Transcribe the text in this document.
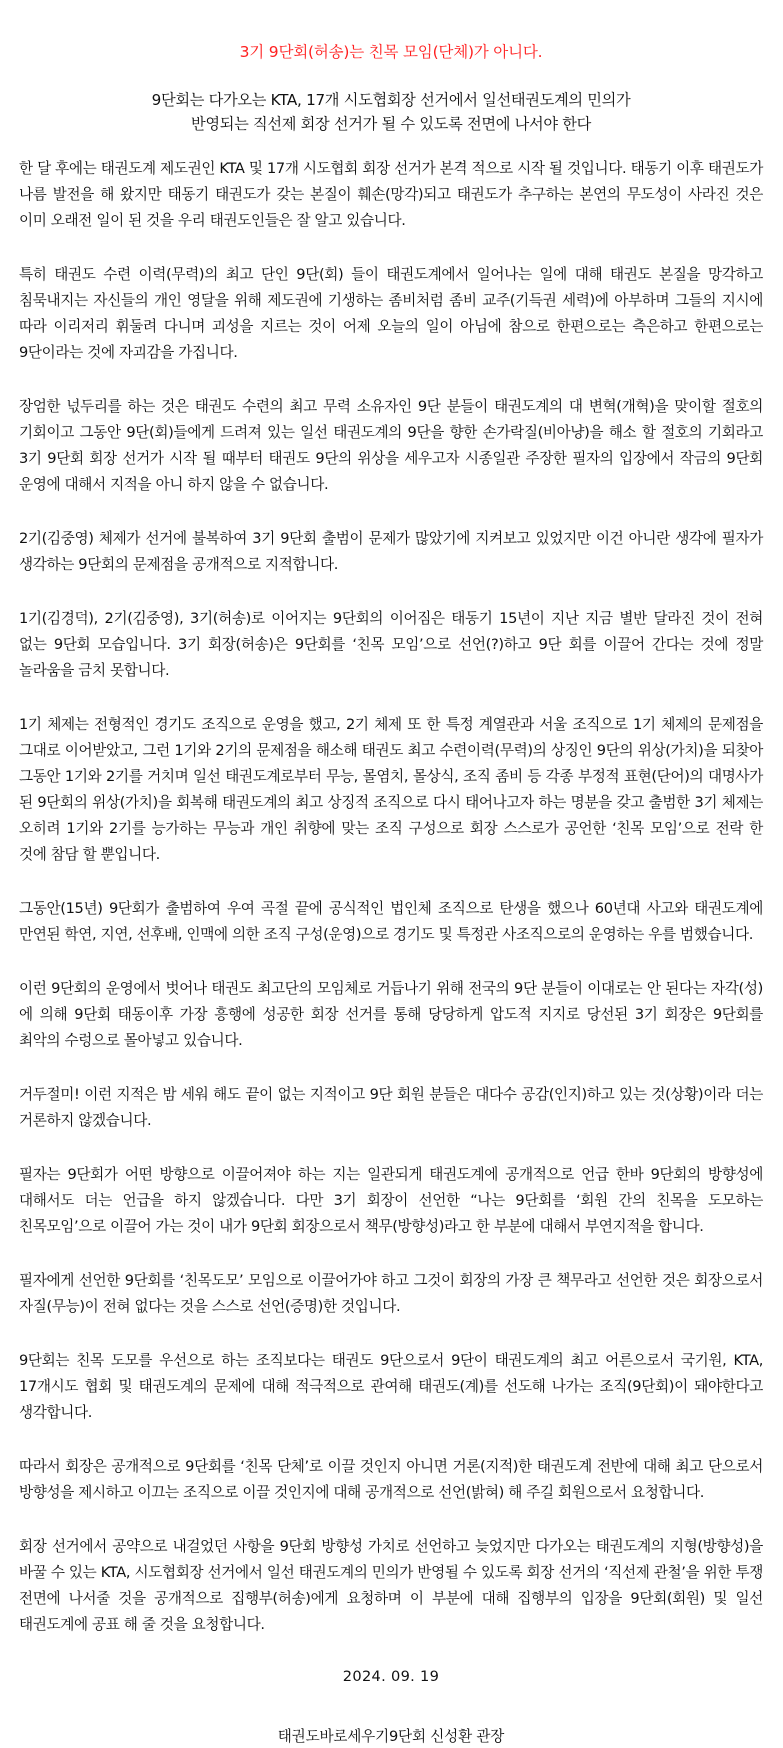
3기 9단회(허송)는 친목 모임(단체)가 아니다.
9단회는 다가오는 KTA, 17개 시도협회장 선거에서 일선태권도계의 민의가
반영되는 직선제 회장 선거가 될 수 있도록 전면에 나서야 한다

한 달 후에는 태권도계 제도권인 KTA 및 17개 시도협회 회장 선거가 본격 적으로 시작 될 것입니다. 태동기 이후 태권도가 나름 발전을 해 왔지만 태동기 태권도가 갖는 본질이 훼손(망각)되고 태권도가 추구하는 본연의 무도성이 사라진 것은 이미 오래전 일이 된 것을 우리 태권도인들은 잘 알고 있습니다.

특히 태권도 수련 이력(무력)의 최고 단인 9단(회) 들이 태권도계에서 일어나는 일에 대해 태권도 본질을 망각하고 침묵내지는 자신들의 개인 영달을 위해 제도권에 기생하는 좀비처럼 좀비 교주(기득권 세력)에 아부하며 그들의 지시에 따라 이리저리 휘둘려 다니며 괴성을 지르는 것이 어제 오늘의 일이 아님에 참으로 한편으로는 측은하고 한편으로는 9단이라는 것에 자괴감을 가집니다.

장엄한 넋두리를 하는 것은 태권도 수련의 최고 무력 소유자인 9단 분들이 태권도계의 대 변혁(개혁)을 맞이할 절호의 기회이고 그동안 9단(회)들에게 드려져 있는 일선 태권도계의 9단을 향한 손가락질(비아냥)을 해소 할 절호의 기회라고 3기 9단회 회장 선거가 시작 될 때부터 태권도 9단의 위상을 세우고자 시종일관 주장한 필자의 입장에서 작금의 9단회 운영에 대해서 지적을 아니 하지 않을 수 없습니다.

2기(김중영) 체제가 선거에 불복하여 3기 9단회 출범이 문제가 많았기에 지켜보고 있었지만 이건 아니란 생각에 필자가 생각하는 9단회의 문제점을 공개적으로 지적합니다.

1기(김경덕), 2기(김중영), 3기(허송)로 이어지는 9단회의 이어짐은 태동기 15년이 지난 지금 별반 달라진 것이 전혀 없는 9단회 모습입니다. 3기 회장(허송)은 9단회를 ‘친목 모임’으로 선언(?)하고 9단 회를 이끌어 간다는 것에 정말 놀라움을 금치 못합니다.

1기 체제는 전형적인 경기도 조직으로 운영을 했고, 2기 체제 또 한 특정 계열관과 서울 조직으로 1기 체제의 문제점을 그대로 이어받았고, 그런 1기와 2기의 문제점을 해소해 태권도 최고 수련이력(무력)의 상징인 9단의 위상(가치)을 되찾아 그동안 1기와 2기를 거치며 일선 태권도계로부터 무능, 몰염치, 몰상식, 조직 좀비 등 각종 부정적 표현(단어)의 대명사가 된 9단회의 위상(가치)을 회복해 태권도계의 최고 상징적 조직으로 다시 태어나고자 하는 명분을 갖고 출범한 3기 체제는 오히려 1기와 2기를 능가하는 무능과 개인 취향에 맞는 조직 구성으로 회장 스스로가 공언한 ‘친목 모임’으로 전락 한 것에 참담 할 뿐입니다.

그동안(15년) 9단회가 출범하여 우여 곡절 끝에 공식적인 법인체 조직으로 탄생을 했으나 60년대 사고와 태권도계에 만연된 학연, 지연, 선후배, 인맥에 의한 조직 구성(운영)으로 경기도 및 특정관 사조직으로의 운영하는 우를 범했습니다.

이런 9단회의 운영에서 벗어나 태권도 최고단의 모임체로 거듭나기 위해 전국의 9단 분들이 이대로는 안 된다는 자각(성)에 의해 9단회 태동이후 가장 흥행에 성공한 회장 선거를 통해 당당하게 압도적 지지로 당선된 3기 회장은 9단회를 최악의 수렁으로 몰아넣고 있습니다.

거두절미! 이런 지적은 밤 세워 해도 끝이 없는 지적이고 9단 회원 분들은 대다수 공감(인지)하고 있는 것(상황)이라 더는 거론하지 않겠습니다.

필자는 9단회가 어떤 방향으로 이끌어져야 하는 지는 일관되게 태권도계에 공개적으로 언급 한바 9단회의 방향성에 대해서도 더는 언급을 하지 않겠습니다. 다만 3기 회장이 선언한 “나는 9단회를 ‘회원 간의 친목을 도모하는 친목모임’으로 이끌어 가는 것이 내가 9단회 회장으로서 책무(방향성)라고 한 부분에 대해서 부연지적을 합니다.

필자에게 선언한 9단회를 ‘친목도모’ 모임으로 이끌어가야 하고 그것이 회장의 가장 큰 책무라고 선언한 것은 회장으로서 자질(무능)이 전혀 없다는 것을 스스로 선언(증명)한 것입니다.

9단회는 친목 도모를 우선으로 하는 조직보다는 태권도 9단으로서 9단이 태권도계의 최고 어른으로서 국기원, KTA, 17개시도 협회 및 태권도계의 문제에 대해 적극적으로 관여해 태권도(계)를 선도해 나가는 조직(9단회)이 돼야한다고 생각합니다.

따라서 회장은 공개적으로 9단회를 ‘친목 단체’로 이끌 것인지 아니면 거론(지적)한 태권도계 전반에 대해 최고 단으로서 방향성을 제시하고 이끄는 조직으로 이끌 것인지에 대해 공개적으로 선언(밝혀) 해 주길 회원으로서 요청합니다.

회장 선거에서 공약으로 내걸었던 사항을 9단회 방향성 가치로 선언하고 늦었지만 다가오는 태권도계의 지형(방향성)을 바꿀 수 있는 KTA, 시도협회장 선거에서 일선 태권도계의 민의가 반영될 수 있도록 회장 선거의 ‘직선제 관철’을 위한 투쟁 전면에 나서줄 것을 공개적으로 집행부(허송)에게 요청하며 이 부분에 대해 집행부의 입장을 9단회(회원) 및 일선 태권도계에 공표 해 줄 것을 요청합니다.

2024. 09. 19
태권도바로세우기9단회 신성환 관장
